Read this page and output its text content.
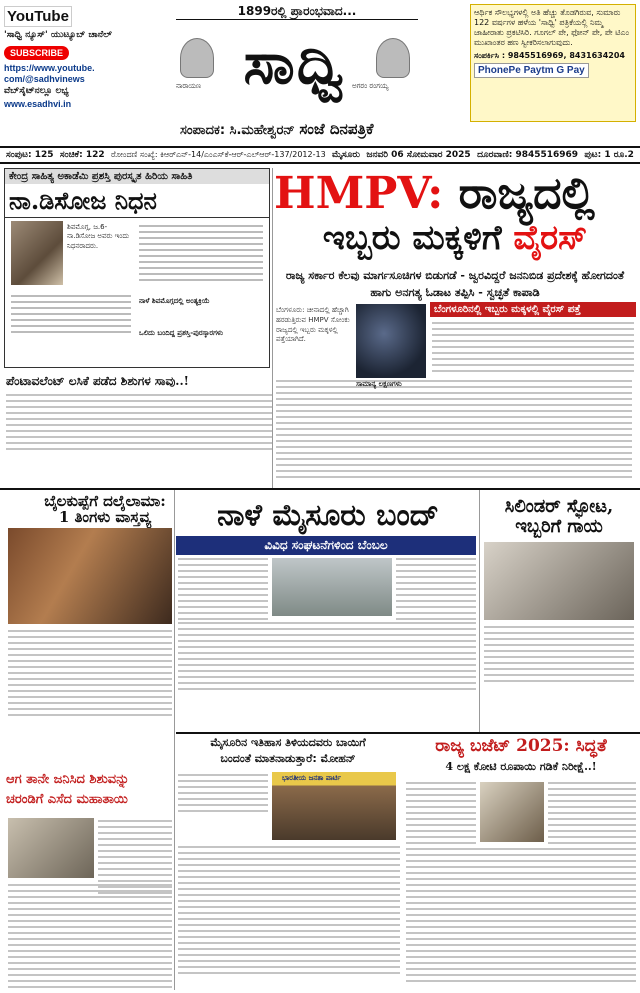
YouTube
'ಸಾಧ್ವಿ ನ್ಯೂಸ್' ಯುಟ್ಯೂಬ್ ಚಾನೆಲ್
SUBSCRIBE
https://www.youtube.
com/@sadhvinews
ವೆಬ್‌ಸೈಟ್‌ನಲ್ಲೂ ಲಭ್ಯ
www.esadhvi.in
1899ರಲ್ಲಿ ಪ್ರಾರಂಭವಾದ...
ನಾರಾಯಣ ಸಾಧ್ವಿ ಅಗರಂ ರಂಗಯ್ಯ
ಸಂಪಾದಕ: ಸಿ.ಮಹೇಶ್ವರನ್ ಸಂಜೆ ದಿನಪತ್ರಿಕೆ
ಆರ್ಥಿಕ ಸೌಲಭ್ಯಗಳಲ್ಲಿ ಅತಿ ಹೆಚ್ಚು ತೊಡಗಿರುವ, ಸುಮಾರು 122 ವರ್ಷಗಳ ಹಳೆಯ 'ಸಾಧ್ವಿ' ಪತ್ರಿಕೆಯಲ್ಲಿ ನಿಮ್ಮ ಜಾಹೀರಾತು ಪ್ರಕಟಿಸಿರಿ. ಗೂಗಲ್ ಪೇ, ಫೋನ್ ಪೇ, ಪೇ ಟಿಎಂ ಮುಖಾಂತರ ಹಣ ಸ್ವೀಕರಿಸಲಾಗುವುದು.
ಸಂಪರ್ಕಿಸಿ : 9845516969, 8431634204
PhonePe Paytm G Pay
ಸಂಪುಟ: 125 ಸಂಚಿಕೆ: 122 ರೋಂದಣಿ ಸಂಖ್ಯೆ: ಕಿಆರ್‌ಎನ್-14/ಎಂಎಸ್‌ಕೆ-ಆರ್-ಎಲ್‌ಆರ್-137/2012-13 ಮೈಸೂರು ಜನವರಿ 06 ಸೋಮವಾರ 2025 ದೂರವಾಣಿ: 9845516969 ಪುಟ: 1 ರೂ.2
ಕೇಂದ್ರ ಸಾಹಿತ್ಯ ಅಕಾಡೆಮಿ ಪ್ರಶಸ್ತಿ ಪುರಸ್ಕೃತ ಹಿರಿಯ ಸಾಹಿತಿ
ನಾ.ಡಿಸೋಜ ನಿಧನ
ಶಿವಮೊಗ್ಗ, ಜ.6- ನಾ.ಡಿಸೋಜ ಅವರು ಇಂದು ನಿಧನರಾದರು.
ನಾಳೆ ಶಿವಮೊಗ್ಗದಲ್ಲಿ ಅಂತ್ಯಕ್ರಿಯೆ
ಒಲಿದು ಬಂದಿದ್ದ ಪ್ರಶಸ್ತಿ-ಪುರಸ್ಕಾರಗಳು
HMPV: ರಾಜ್ಯದಲ್ಲಿ
ಇಬ್ಬರು ಮಕ್ಕಳಿಗೆ ವೈರಸ್
ರಾಜ್ಯ ಸರ್ಕಾರ ಕೆಲವು ಮಾರ್ಗಸೂಚಿಗಳ ಬಿಡುಗಡೆ - ಜ್ವರವಿದ್ದರೆ ಜನನಿಬಿಡ ಪ್ರದೇಶಕ್ಕೆ ಹೋಗದಂತೆ ಹಾಗು ಅನಗತ್ಯ ಓಡಾಟ ತಪ್ಪಿಸಿ - ಸ್ವಚ್ಛತೆ ಕಾಪಾಡಿ
ಬೆಂಗಳೂರು: ಚೀನಾದಲ್ಲಿ ಹೆಚ್ಚಾಗಿ ಹರಡುತ್ತಿರುವ HMPV ಸೋಂಕು ರಾಜ್ಯದಲ್ಲಿ ಇಬ್ಬರು ಮಕ್ಕಳಲ್ಲಿ ಪತ್ತೆಯಾಗಿದೆ.
ಬೆಂಗಳೂರಿನಲ್ಲಿ ಇಬ್ಬರು ಮಕ್ಕಳಲ್ಲಿ ವೈರಸ್ ಪತ್ತೆ
ಸಾಮಾನ್ಯ ಲಕ್ಷಣಗಳು
ಪೆಂಟಾವಲೆಂಟ್ ಲಸಿಕೆ ಪಡೆದ ಶಿಶುಗಳ ಸಾವು..!
ಬೈಲಕುಪ್ಪೆಗೆ ದಲೈಲಾಮಾ:
1 ತಿಂಗಳು ವಾಸ್ತವ್ಯ	ನಾಳೆ ಮೈಸೂರು ಬಂದ್
ವಿವಿಧ ಸಂಘಟನೆಗಳಿಂದ ಬೆಂಬಲ
ಸಿಲಿಂಡರ್ ಸ್ಫೋಟ,
ಇಬ್ಬರಿಗೆ ಗಾಯ
ಆಗ ತಾನೇ ಜನಿಸಿದ ಶಿಶುವನ್ನು
ಚರಂಡಿಗೆ ಎಸೆದ ಮಹಾತಾಯಿ
ಮೈಸೂರಿನ ಇತಿಹಾಸ ತಿಳಿಯದವರು ಬಾಯಿಗೆ
ಬಂದಂತೆ ಮಾತನಾಡುತ್ತಾರೆ: ಮೋಹನ್
ಭಾರತೀಯ ಜನತಾ ಪಾರ್ಟಿ
ರಾಜ್ಯ ಬಜೆಟ್ 2025: ಸಿದ್ಧತೆ
4 ಲಕ್ಷ ಕೋಟಿ ರೂಪಾಯಿ ಗಡಿಕೆ ನಿರೀಕ್ಷೆ..!
